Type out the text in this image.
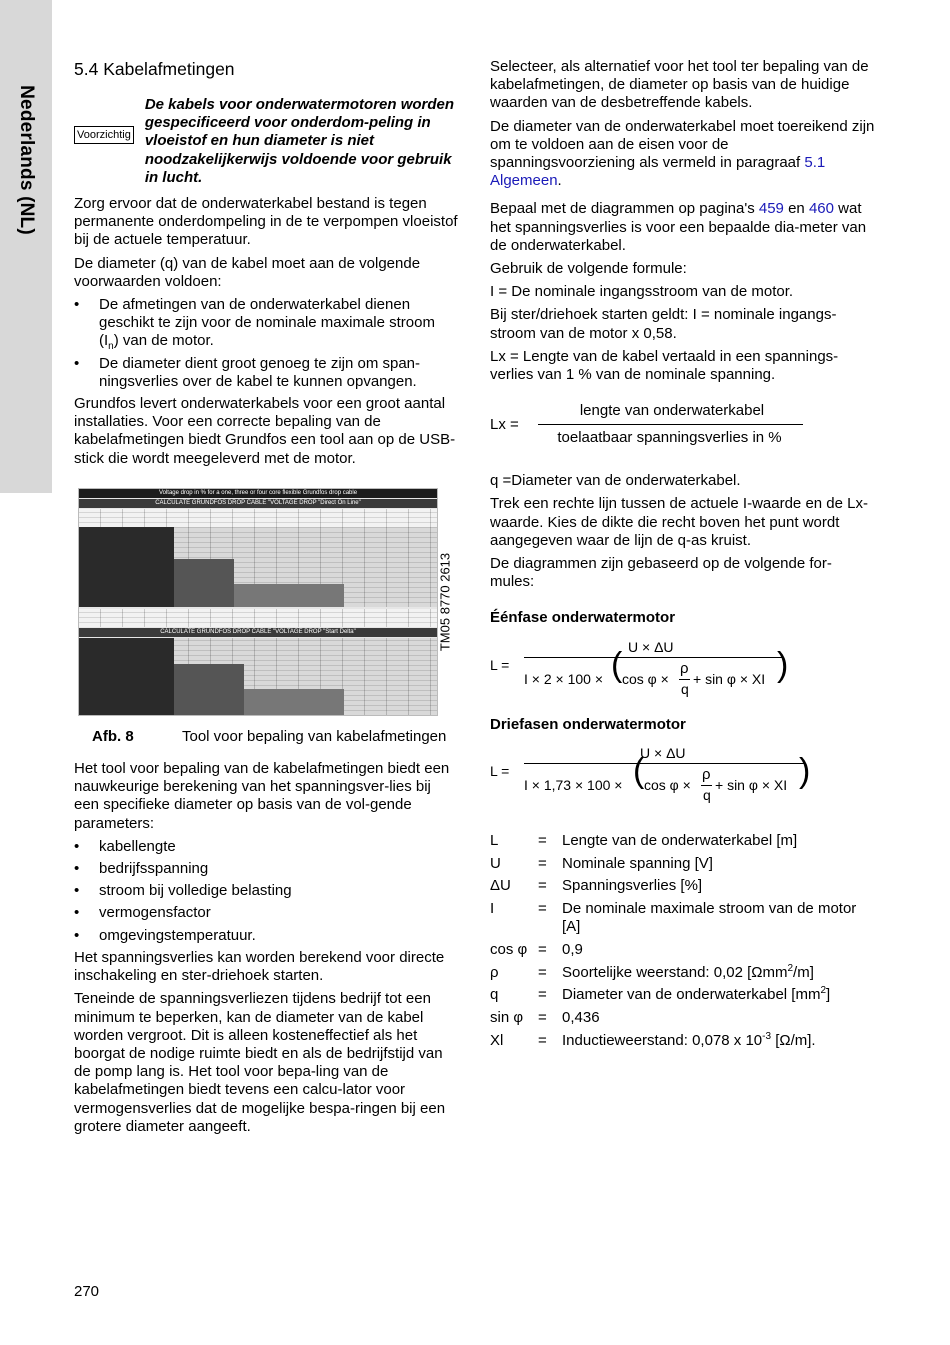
Nederlands (NL)
5.4 Kabelafmetingen
Voorzichtig
De kabels voor onderwatermotoren worden gespecificeerd voor onderdom-peling in vloeistof en hun diameter is niet noodzakelijkerwijs voldoende voor gebruik in lucht.

Zorg ervoor dat de onderwaterkabel bestand is tegen permanente onderdompeling in de te verpompen vloeistof bij de actuele temperatuur.

De diameter (q) van de kabel moet aan de volgende voorwaarden voldoen:

• De afmetingen van de onderwaterkabel dienen geschikt te zijn voor de nominale maximale stroom $(I_n)$ van de motor.
• De diameter dient groot genoeg te zijn om span-ningsverlies over de kabel te kunnen opvangen.

Grundfos levert onderwaterkabels voor een groot aantal installaties. Voor een correcte bepaling van de kabelafmetingen biedt Grundfos een tool aan op de USB-stick die wordt meegeleverd met de motor.

Voltage drop in % for a one, three or four core flexible Grundfos drop cable
CALCULATE GRUNDFOS DROP CABLE "VOLTAGE DROP "Direct On Line"
CALCULATE GRUNDFOS DROP CABLE "VOLTAGE DROP "Start Delta"	TM05 8770 2613
Afb. 8	Tool voor bepaling van kabelafmetingen

Het tool voor bepaling van de kabelafmetingen biedt een nauwkeurige berekening van het spanningsver-lies bij een specifieke diameter op basis van de vol-gende parameters:

• kabellengte
• bedrijfsspanning
• stroom bij volledige belasting
• vermogensfactor
• omgevingstemperatuur.

Het spanningsverlies kan worden berekend voor directe inschakeling en ster-driehoek starten.

Teneinde de spanningsverliezen tijdens bedrijf tot een minimum te beperken, kan de diameter van de kabel worden vergroot. Dit is alleen kosteneffectief als het boorgat de nodige ruimte biedt en als de bedrijfstijd van de pomp lang is. Het tool voor bepa-ling van de kabelafmetingen biedt tevens een calcu-lator voor vermogensverlies dat de mogelijke bespa-ringen bij een grotere diameter aangeeft.

Selecteer, als alternatief voor het tool ter bepaling van de kabelafmetingen, de diameter op basis van de huidige waarden van de desbetreffende kabels.

De diameter van de onderwaterkabel moet toereikend zijn om te voldoen aan de eisen voor de spanningsvoorziening als vermeld in paragraaf 5.1 Algemeen.

Bepaal met de diagrammen op pagina's 459 en 460 wat het spanningsverlies is voor een bepaalde dia-meter van de onderwaterkabel.

Gebruik de volgende formule:

I = De nominale ingangsstroom van de motor.

Bij ster/driehoek starten geldt: I = nominale ingangs-stroom van de motor x 0,58.

Lx = Lengte van de kabel vertaald in een spannings-verlies van 1 % van de nominale spanning.

Lx =
lengte van onderwaterkabel
toelaatbaar spanningsverlies in %

q =Diameter van de onderwaterkabel.

Trek een rechte lijn tussen de actuele I-waarde en de Lx-waarde. Kies de dikte die recht boven het punt wordt aangegeven waar de lijn de q-as kruist.

De diagrammen zijn gebaseerd op de volgende for-mules:

Éénfase onderwatermotor
L =
U × ΔU
I × 2 × 100 × ( cos φ ×
ρ
q
+ sin φ × XI )
Driefasen onderwatermotor
L =
U × ΔU
I × 1,73 × 100 × ( cos φ ×
ρ
q
+ sin φ × XI )
L	=	Lengte van de onderwaterkabel [m]
U	=	Nominale spanning [V]
ΔU	=	Spanningsverlies [%]
I	=	De nominale maximale stroom van de motor [A]
cos φ =	0,9
ρ	=	Soortelijke weerstand: 0,02 [Ωmm$^2$/m]
q	=	Diameter van de onderwaterkabel $[mm^2]$
sin φ =	0,436
Xl	=	Inductieweerstand: 0,078 x $10^{-3}$ [Ω/m].
270
